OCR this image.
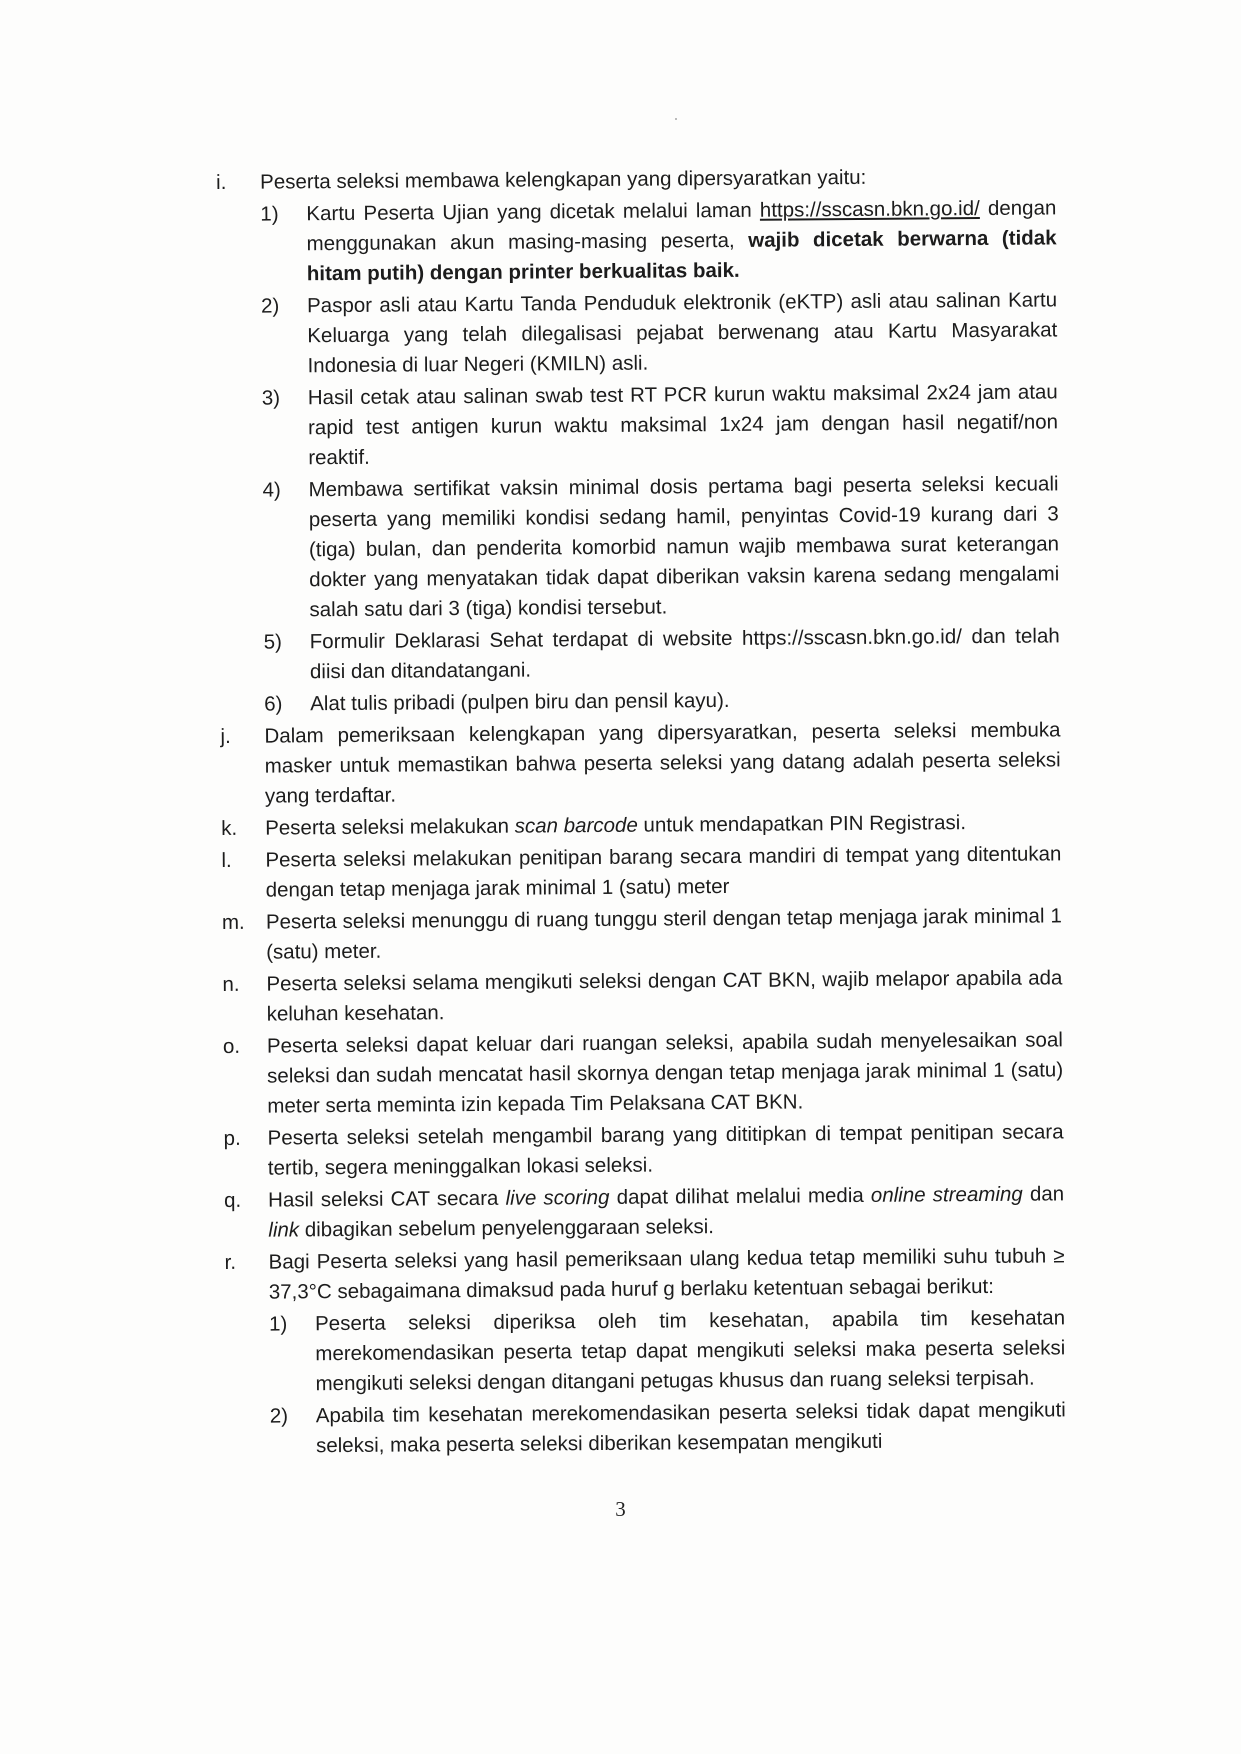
i.	Peserta seleksi membawa kelengkapan yang dipersyaratkan yaitu:
1)	Kartu Peserta Ujian yang dicetak melalui laman https://sscasn.bkn.go.id/ dengan menggunakan akun masing-masing peserta, wajib dicetak berwarna (tidak hitam putih) dengan printer berkualitas baik.
2)	Paspor asli atau Kartu Tanda Penduduk elektronik (eKTP) asli atau salinan Kartu Keluarga yang telah dilegalisasi pejabat berwenang atau Kartu Masyarakat Indonesia di luar Negeri (KMILN) asli.
3)	Hasil cetak atau salinan swab test RT PCR kurun waktu maksimal 2x24 jam atau rapid test antigen kurun waktu maksimal 1x24 jam dengan hasil negatif/non reaktif.
4)	Membawa sertifikat vaksin minimal dosis pertama bagi peserta seleksi kecuali peserta yang memiliki kondisi sedang hamil, penyintas Covid-19 kurang dari 3 (tiga) bulan, dan penderita komorbid namun wajib membawa surat keterangan dokter yang menyatakan tidak dapat diberikan vaksin karena sedang mengalami salah satu dari 3 (tiga) kondisi tersebut.
5)	Formulir Deklarasi Sehat terdapat di website https://sscasn.bkn.go.id/ dan telah diisi dan ditandatangani.
6)	Alat tulis pribadi (pulpen biru dan pensil kayu).
j.	Dalam pemeriksaan kelengkapan yang dipersyaratkan, peserta seleksi membuka masker untuk memastikan bahwa peserta seleksi yang datang adalah peserta seleksi yang terdaftar.
k.	Peserta seleksi melakukan scan barcode untuk mendapatkan PIN Registrasi.
l.	Peserta seleksi melakukan penitipan barang secara mandiri di tempat yang ditentukan dengan tetap menjaga jarak minimal 1 (satu) meter
m.	Peserta seleksi menunggu di ruang tunggu steril dengan tetap menjaga jarak minimal 1 (satu) meter.
n.	Peserta seleksi selama mengikuti seleksi dengan CAT BKN, wajib melapor apabila ada keluhan kesehatan.
o.	Peserta seleksi dapat keluar dari ruangan seleksi, apabila sudah menyelesaikan soal seleksi dan sudah mencatat hasil skornya dengan tetap menjaga jarak minimal 1 (satu) meter serta meminta izin kepada Tim Pelaksana CAT BKN.
p.	Peserta seleksi setelah mengambil barang yang dititipkan di tempat penitipan secara tertib, segera meninggalkan lokasi seleksi.
q.	Hasil seleksi CAT secara live scoring dapat dilihat melalui media online streaming dan link dibagikan sebelum penyelenggaraan seleksi.
r.	Bagi Peserta seleksi yang hasil pemeriksaan ulang kedua tetap memiliki suhu tubuh ≥ 37,3°C sebagaimana dimaksud pada huruf g berlaku ketentuan sebagai berikut:
1)	Peserta seleksi diperiksa oleh tim kesehatan, apabila tim kesehatan merekomendasikan peserta tetap dapat mengikuti seleksi maka peserta seleksi mengikuti seleksi dengan ditangani petugas khusus dan ruang seleksi terpisah.
2)	Apabila tim kesehatan merekomendasikan peserta seleksi tidak dapat mengikuti seleksi, maka peserta seleksi diberikan kesempatan mengikuti
3
